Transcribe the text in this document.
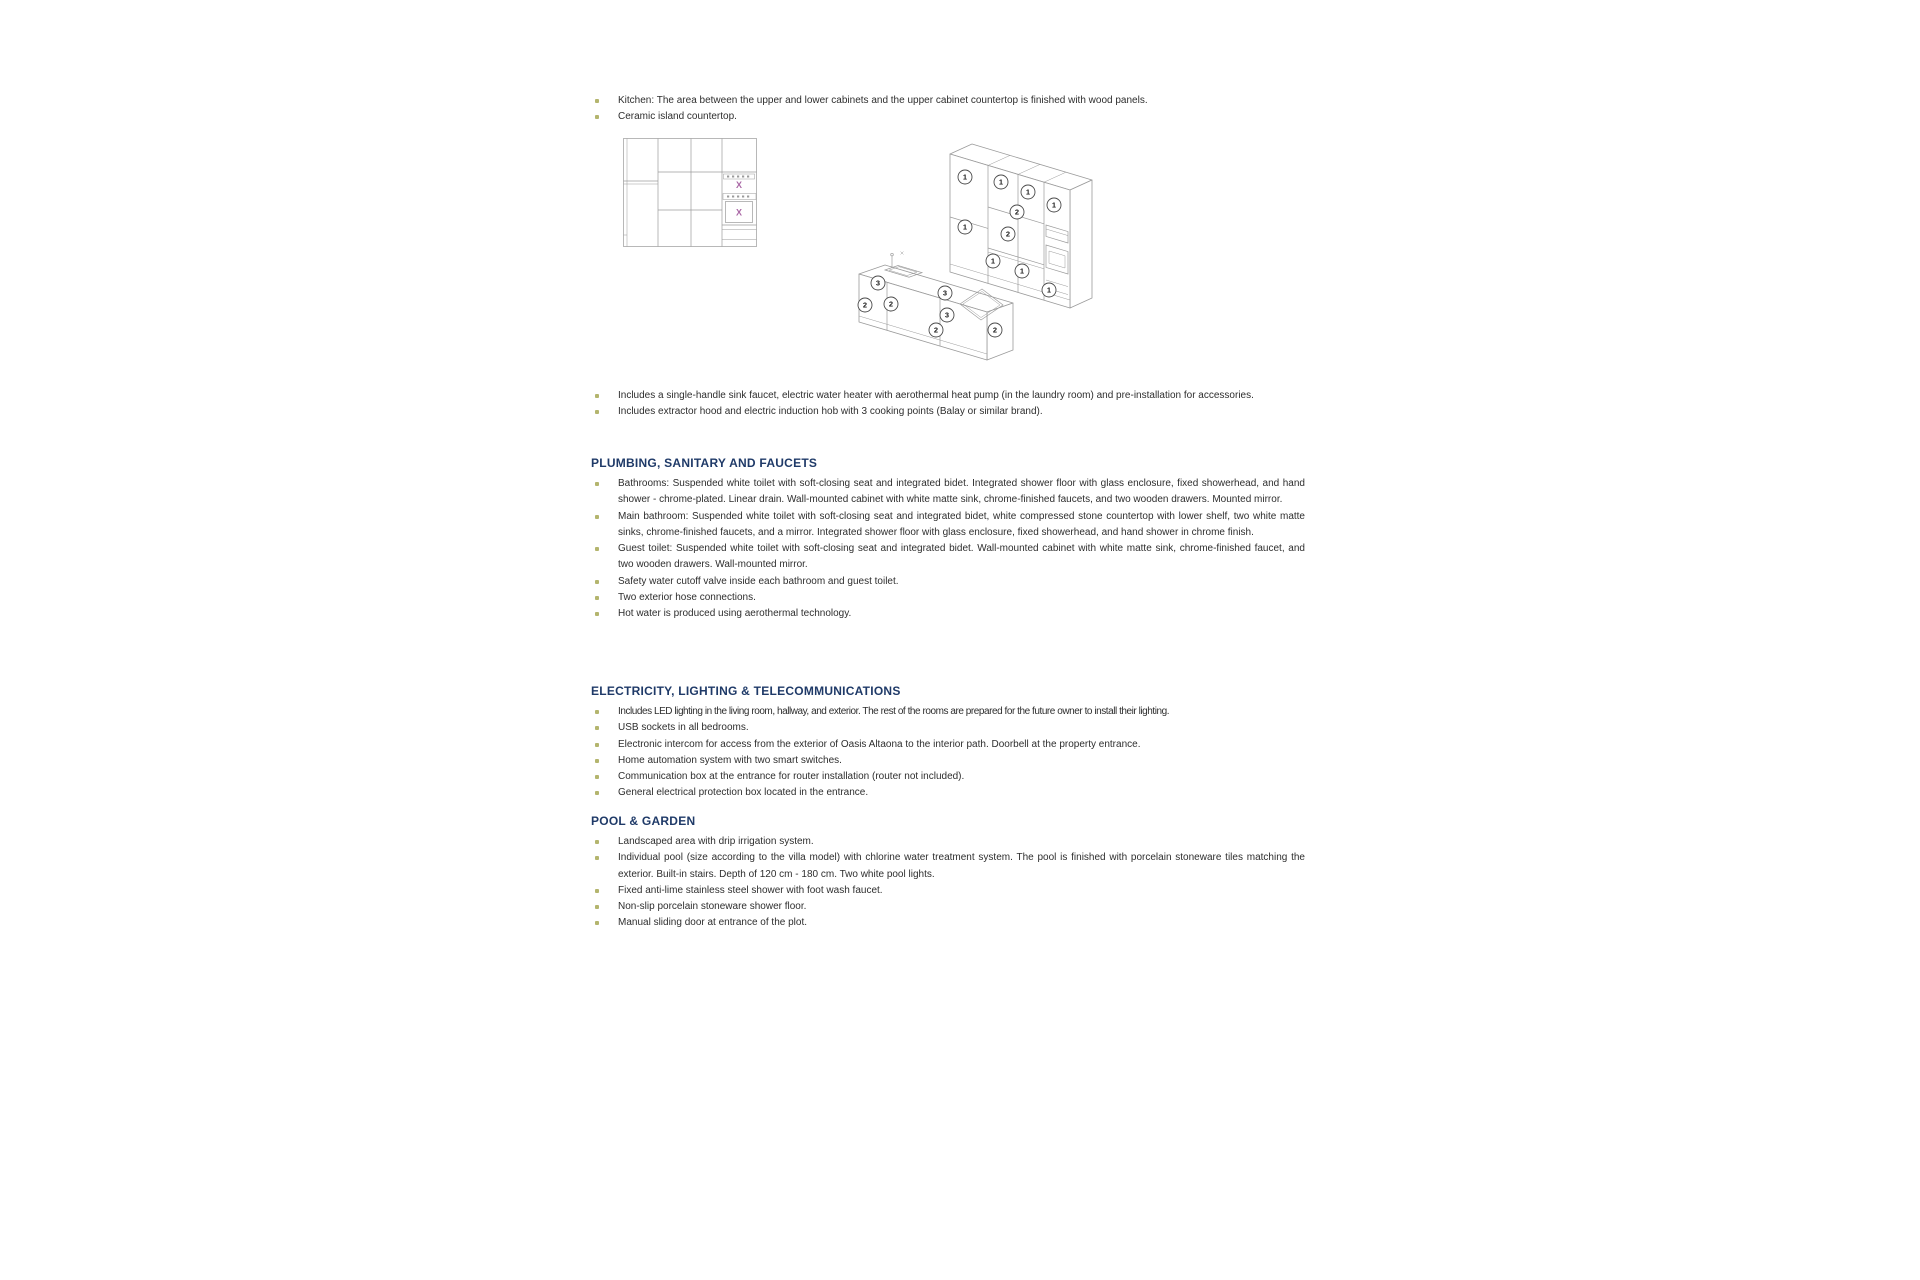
Kitchen: The area between the upper and lower cabinets and the upper cabinet countertop is finished with wood panels.
Ceramic island countertop.
X
X
1
1
1
1
2
1
2
1
1
1
3
3
2
2
3
2	2
Includes a single-handle sink faucet, electric water heater with aerothermal heat pump (in the laundry room) and pre-installation for accessories.
Includes extractor hood and electric induction hob with 3 cooking points (Balay or similar brand).
PLUMBING, SANITARY AND FAUCETS
Bathrooms: Suspended white toilet with soft-closing seat and integrated bidet. Integrated shower floor with glass enclosure, fixed showerhead, and hand shower - chrome-plated. Linear drain. Wall-mounted cabinet with white matte sink, chrome-finished faucets, and two wooden drawers. Mounted mirror.
Main bathroom: Suspended white toilet with soft-closing seat and integrated bidet, white compressed stone countertop with lower shelf, two white matte sinks, chrome-finished faucets, and a mirror. Integrated shower floor with glass enclosure, fixed showerhead, and hand shower in chrome finish.
Guest toilet: Suspended white toilet with soft-closing seat and integrated bidet. Wall-mounted cabinet with white matte sink, chrome-finished faucet, and two wooden drawers. Wall-mounted mirror.
Safety water cutoff valve inside each bathroom and guest toilet.
Two exterior hose connections.
Hot water is produced using aerothermal technology.
ELECTRICITY, LIGHTING & TELECOMMUNICATIONS
Includes LED lighting in the living room, hallway, and exterior. The rest of the rooms are prepared for the future owner to install their lighting.
USB sockets in all bedrooms.
Electronic intercom for access from the exterior of Oasis Altaona to the interior path. Doorbell at the property entrance.
Home automation system with two smart switches.
Communication box at the entrance for router installation (router not included).
General electrical protection box located in the entrance.
POOL & GARDEN
Landscaped area with drip irrigation system.
Individual pool (size according to the villa model) with chlorine water treatment system. The pool is finished with porcelain stoneware tiles matching the exterior. Built-in stairs. Depth of 120 cm - 180 cm. Two white pool lights.
Fixed anti-lime stainless steel shower with foot wash faucet.
Non-slip porcelain stoneware shower floor.
Manual sliding door at entrance of the plot.
